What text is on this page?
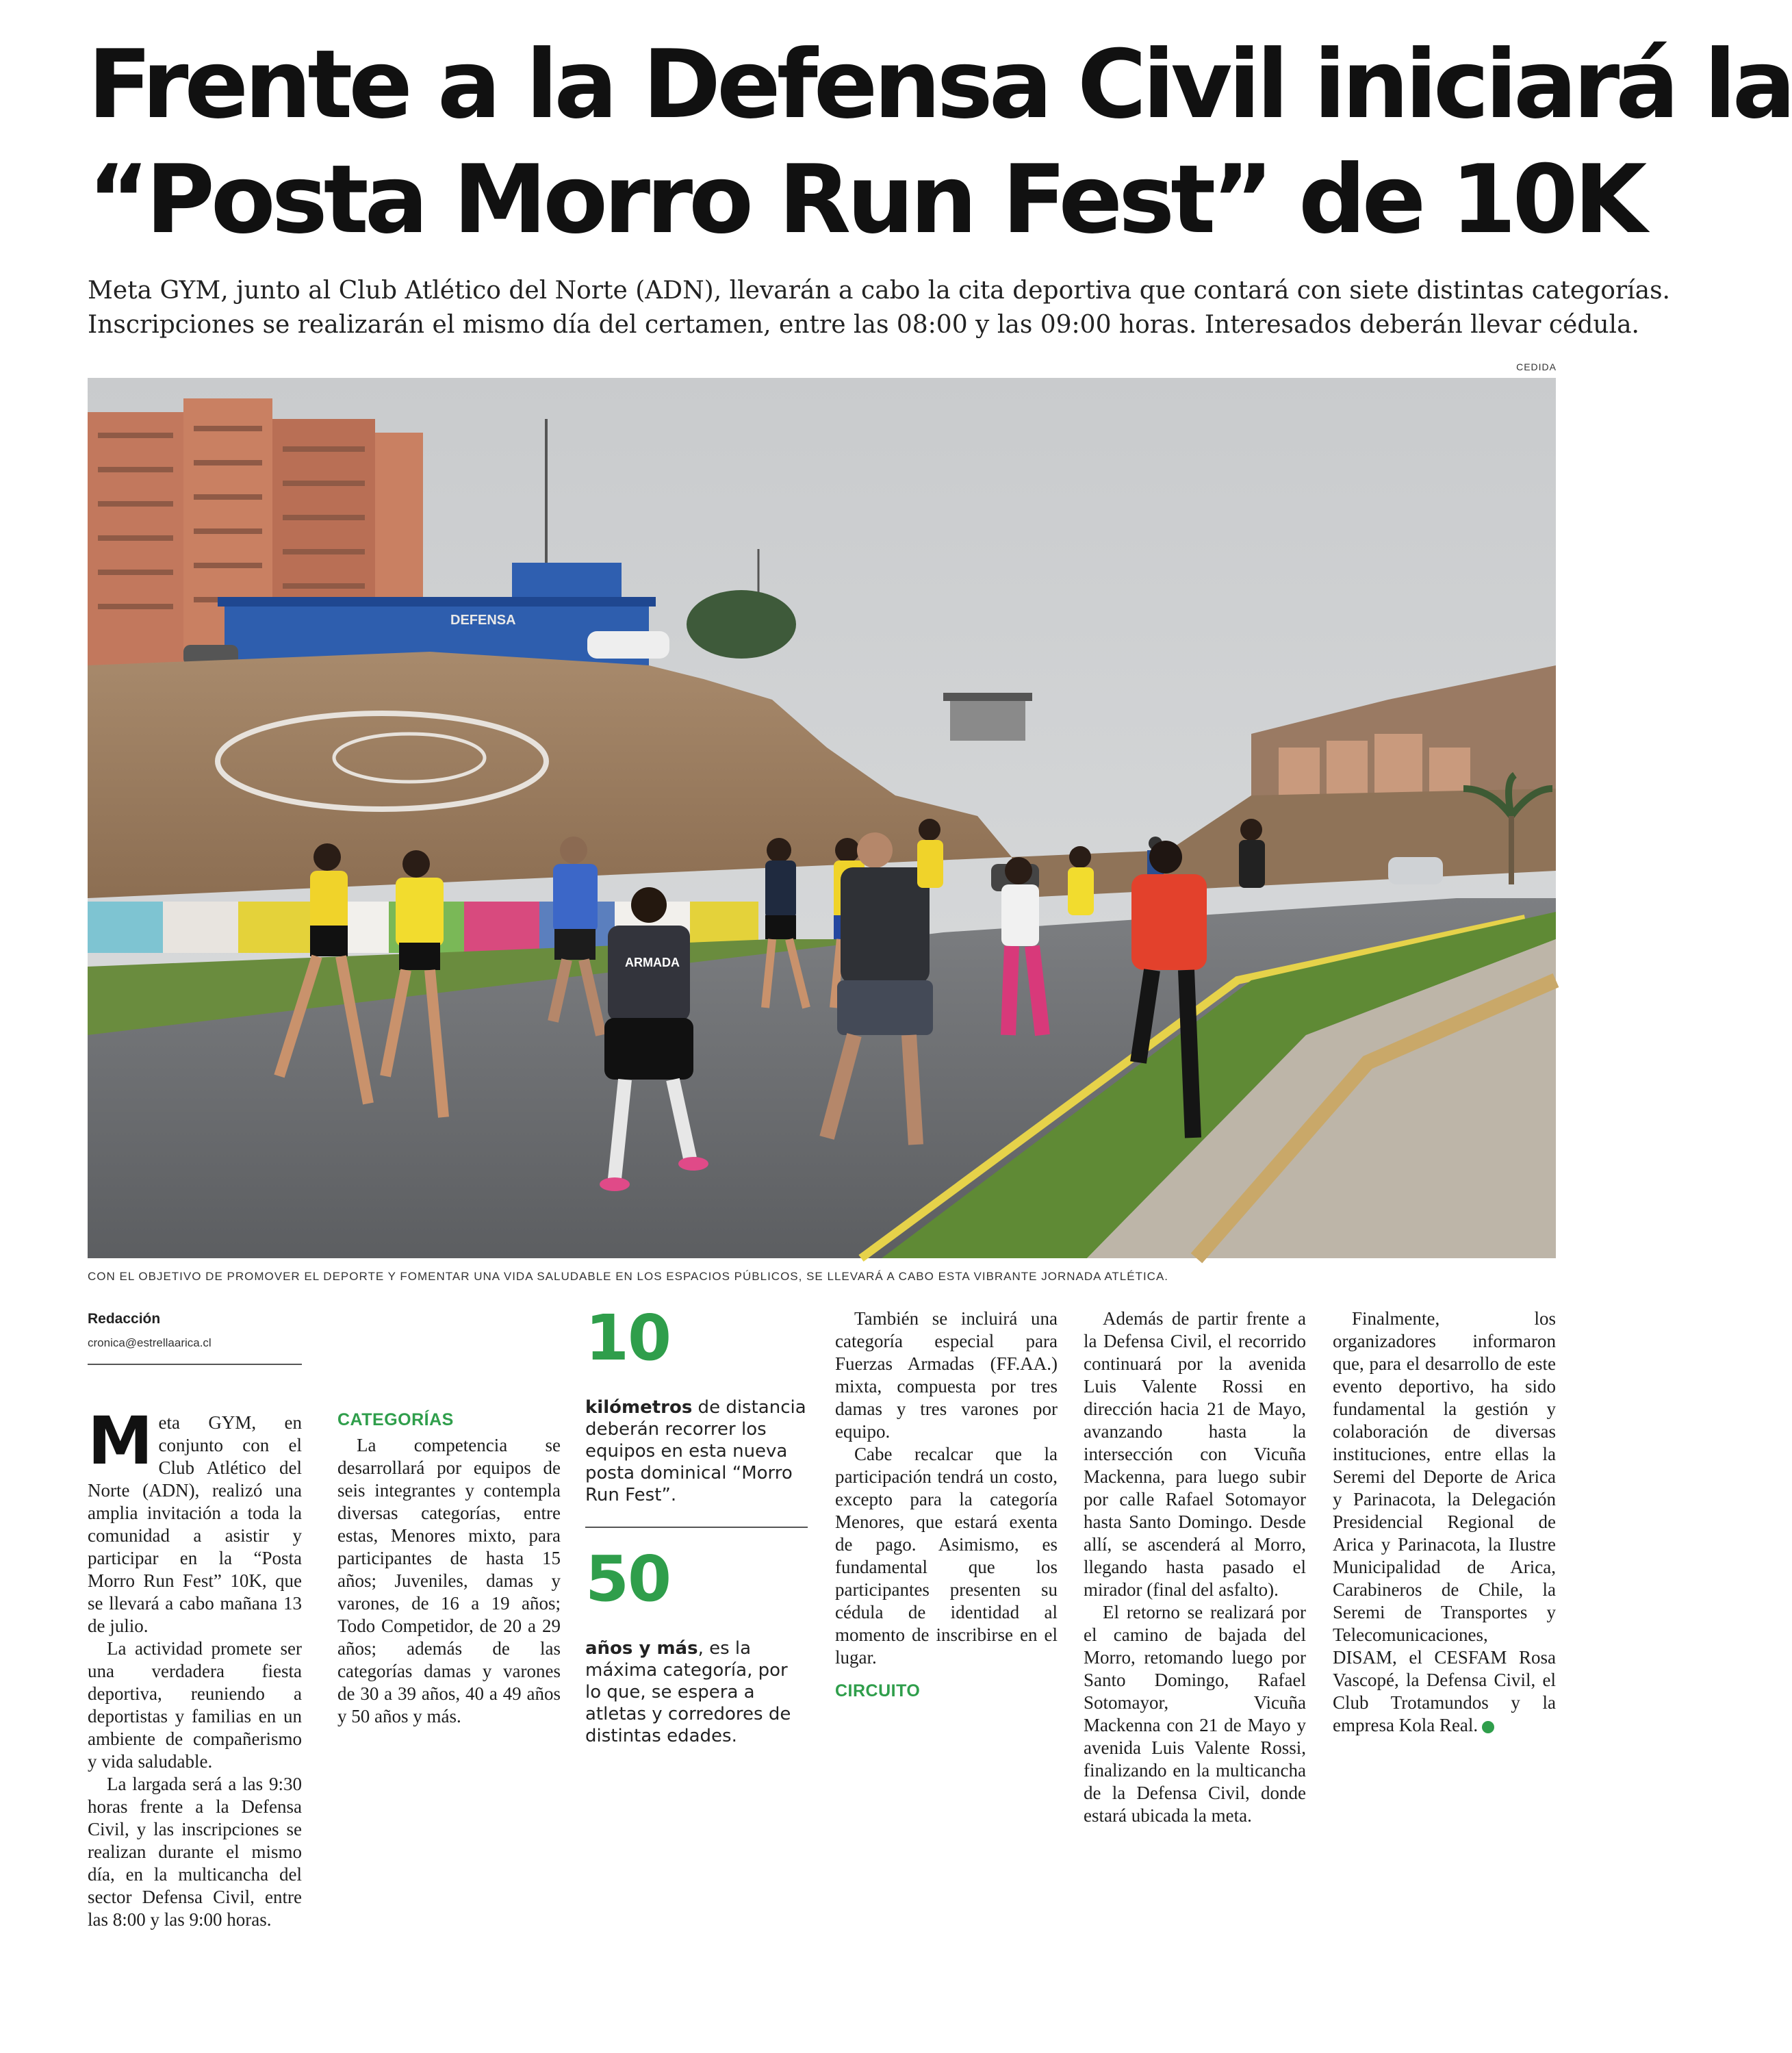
Frente a la Defensa Civil iniciará la
“Posta Morro Run Fest” de 10K
Meta GYM, junto al Club Atlético del Norte (ADN), llevarán a cabo la cita deportiva que contará con siete distintas categorías.
Inscripciones se realizarán el mismo día del certamen, entre las 08:00 y las 09:00 horas. Interesados deberán llevar cédula.
CEDIDA
DEFENSA
ARMADA
CON EL OBJETIVO DE PROMOVER EL DEPORTE Y FOMENTAR UNA VIDA SALUDABLE EN LOS ESPACIOS PÚBLICOS, SE LLEVARÁ A CABO ESTA VIBRANTE JORNADA ATLÉTICA.
Redacción
cronica@estrellaarica.cl

Meta GYM, en conjunto con el Club Atlético del Norte (ADN), realizó una amplia invitación a toda la comunidad a asistir y participar en la “Posta Morro Run Fest” 10K, que se llevará a cabo mañana 13 de julio.

La actividad promete ser una verdadera fiesta deportiva, reuniendo a deportistas y familias en un ambiente de compañerismo y vida saludable.

La largada será a las 9:30 horas frente a la Defensa Civil, y las inscripciones se realizan durante el mismo día, en la multicancha del sector Defensa Civil, entre las 8:00 y las 9:00 horas.

CATEGORÍAS

La competencia se desarrollará por equipos de seis integrantes y contempla diversas categorías, entre estas, Menores mixto, para participantes de hasta 15 años; Juveniles, damas y varones, de 16 a 19 años; Todo Competidor, de 20 a 29 años; además de las categorías damas y varones de 30 a 39 años, 40 a 49 años y 50 años y más.

10
kilómetros de distancia deberán recorrer los equipos en esta nueva posta dominical “Morro Run Fest”.
50
años y más, es la máxima categoría, por lo que, se espera a atletas y corredores de distintas edades.

También se incluirá una categoría especial para Fuerzas Armadas (FF.AA.) mixta, compuesta por tres damas y tres varones por equipo.

Cabe recalcar que la participación tendrá un costo, excepto para la categoría Menores, que estará exenta de pago. Asimismo, es fundamental que los participantes presenten su cédula de identidad al momento de inscribirse en el lugar.

CIRCUITO

Además de partir frente a la Defensa Civil, el recorrido continuará por la avenida Luis Valente Rossi en dirección hacia 21 de Mayo, avanzando hasta la intersección con Vicuña Mackenna, para luego subir por calle Rafael Sotomayor hasta Santo Domingo. Desde allí, se ascenderá al Morro, llegando hasta pasado el mirador (final del asfalto).

El retorno se realizará por el camino de bajada del Morro, retomando luego por Santo Domingo, Rafael Sotomayor, Vicuña Mackenna con 21 de Mayo y avenida Luis Valente Rossi, finalizando en la multicancha de la Defensa Civil, donde estará ubicada la meta.

Finalmente, los organizadores informaron que, para el desarrollo de este evento deportivo, ha sido fundamental la gestión y colaboración de diversas instituciones, entre ellas la Seremi del Deporte de Arica y Parinacota, la Delegación Presidencial Regional de Arica y Parinacota, la Ilustre Municipalidad de Arica, Carabineros de Chile, la Seremi de Transportes y Telecomunicaciones, DISAM, el CESFAM Rosa Vascopé, la Defensa Civil, el Club Trotamundos y la empresa Kola Real. ✪
